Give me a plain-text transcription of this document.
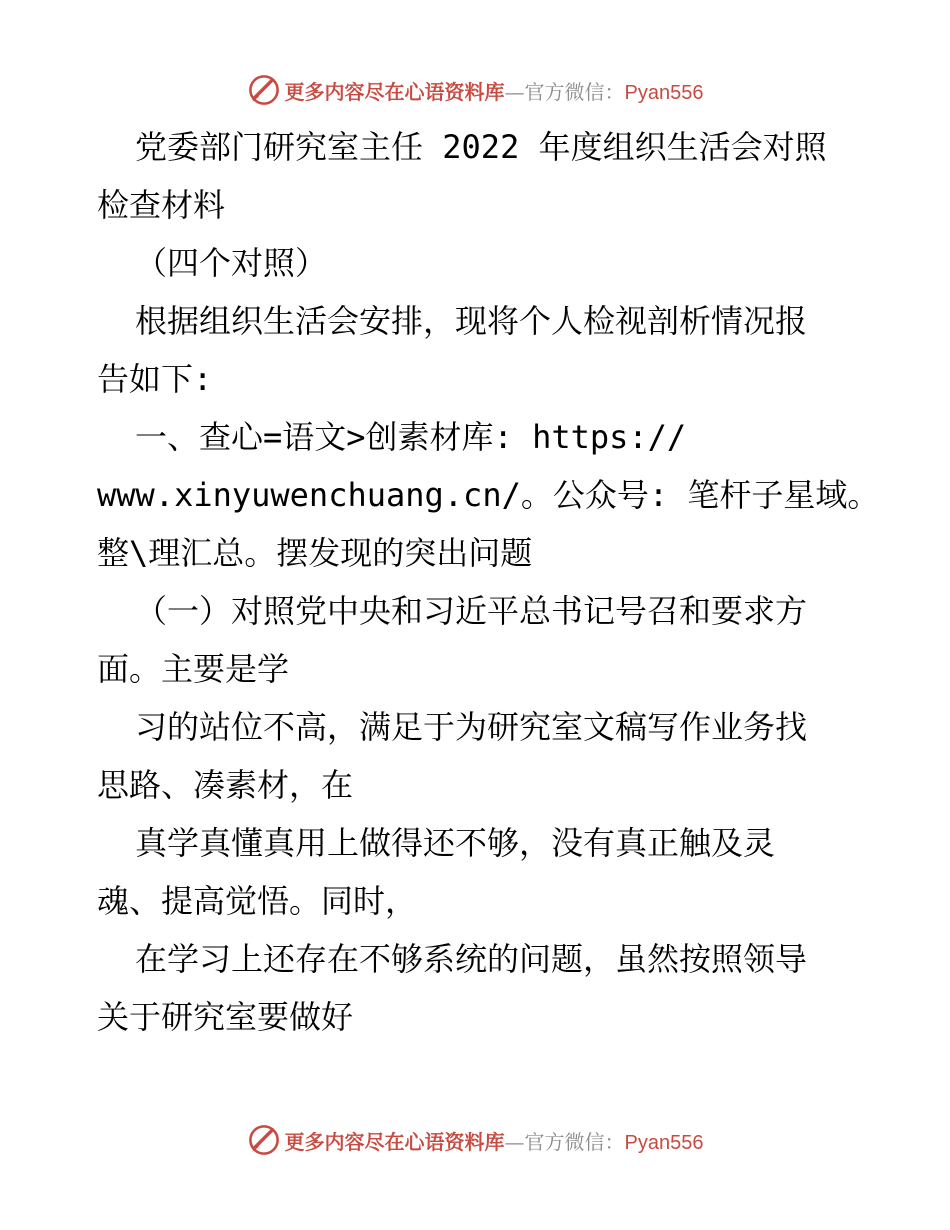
更多内容尽在心语资料库—官方微信：Pyan556
党委部门研究室主任 2022 年度组织生活会对照
检查材料
（四个对照）
根据组织生活会安排，现将个人检视剖析情况报
告如下:
一、查心=语文>创素材库: https://
www.xinyuwenchuang.cn/。公众号: 笔杆子星域。
整\理汇总。摆发现的突出问题
（一）对照党中央和习近平总书记号召和要求方
面。主要是学
习的站位不高，满足于为研究室文稿写作业务找
思路、凑素材，在
真学真懂真用上做得还不够，没有真正触及灵
魂、提高觉悟。同时，
在学习上还存在不够系统的问题，虽然按照领导
关于研究室要做好
更多内容尽在心语资料库—官方微信：Pyan556
